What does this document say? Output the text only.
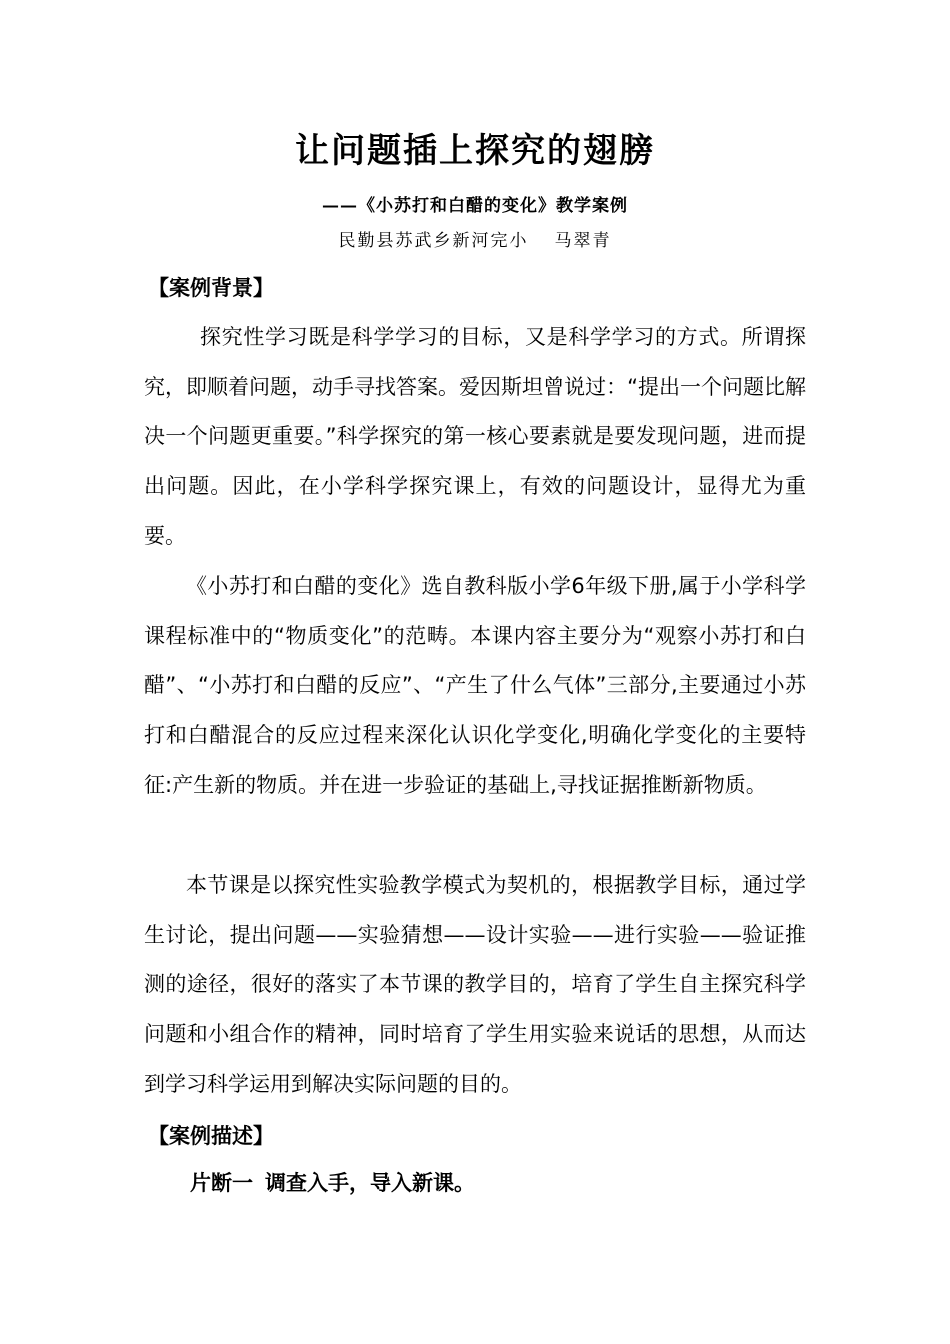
让问题插上探究的翅膀
——《小苏打和白醋的变化》教学案例
民勤县苏武乡新河完小 马翠青
【案例背景】

探究性学习既是科学学习的目标，又是科学学习的方式。所谓探究，即顺着问题，动手寻找答案。爱因斯坦曾说过：“提出一个问题比解决一个问题更重要。”科学探究的第一核心要素就是要发现问题，进而提出问题。因此，在小学科学探究课上，有效的问题设计，显得尤为重要。

《小苏打和白醋的变化》选自教科版小学6年级下册,属于小学科学课程标准中的“物质变化”的范畴。本课内容主要分为“观察小苏打和白醋”、“小苏打和白醋的反应”、“产生了什么气体”三部分,主要通过小苏打和白醋混合的反应过程来深化认识化学变化,明确化学变化的主要特征:产生新的物质。并在进一步验证的基础上,寻找证据推断新物质。

本节课是以探究性实验教学模式为契机的，根据教学目标，通过学生讨论，提出问题——实验猜想——设计实验——进行实验——验证推测的途径，很好的落实了本节课的教学目的，培育了学生自主探究科学问题和小组合作的精神，同时培育了学生用实验来说话的思想，从而达到学习科学运用到解决实际问题的目的。

【案例描述】
片断一 调查入手，导入新课。
